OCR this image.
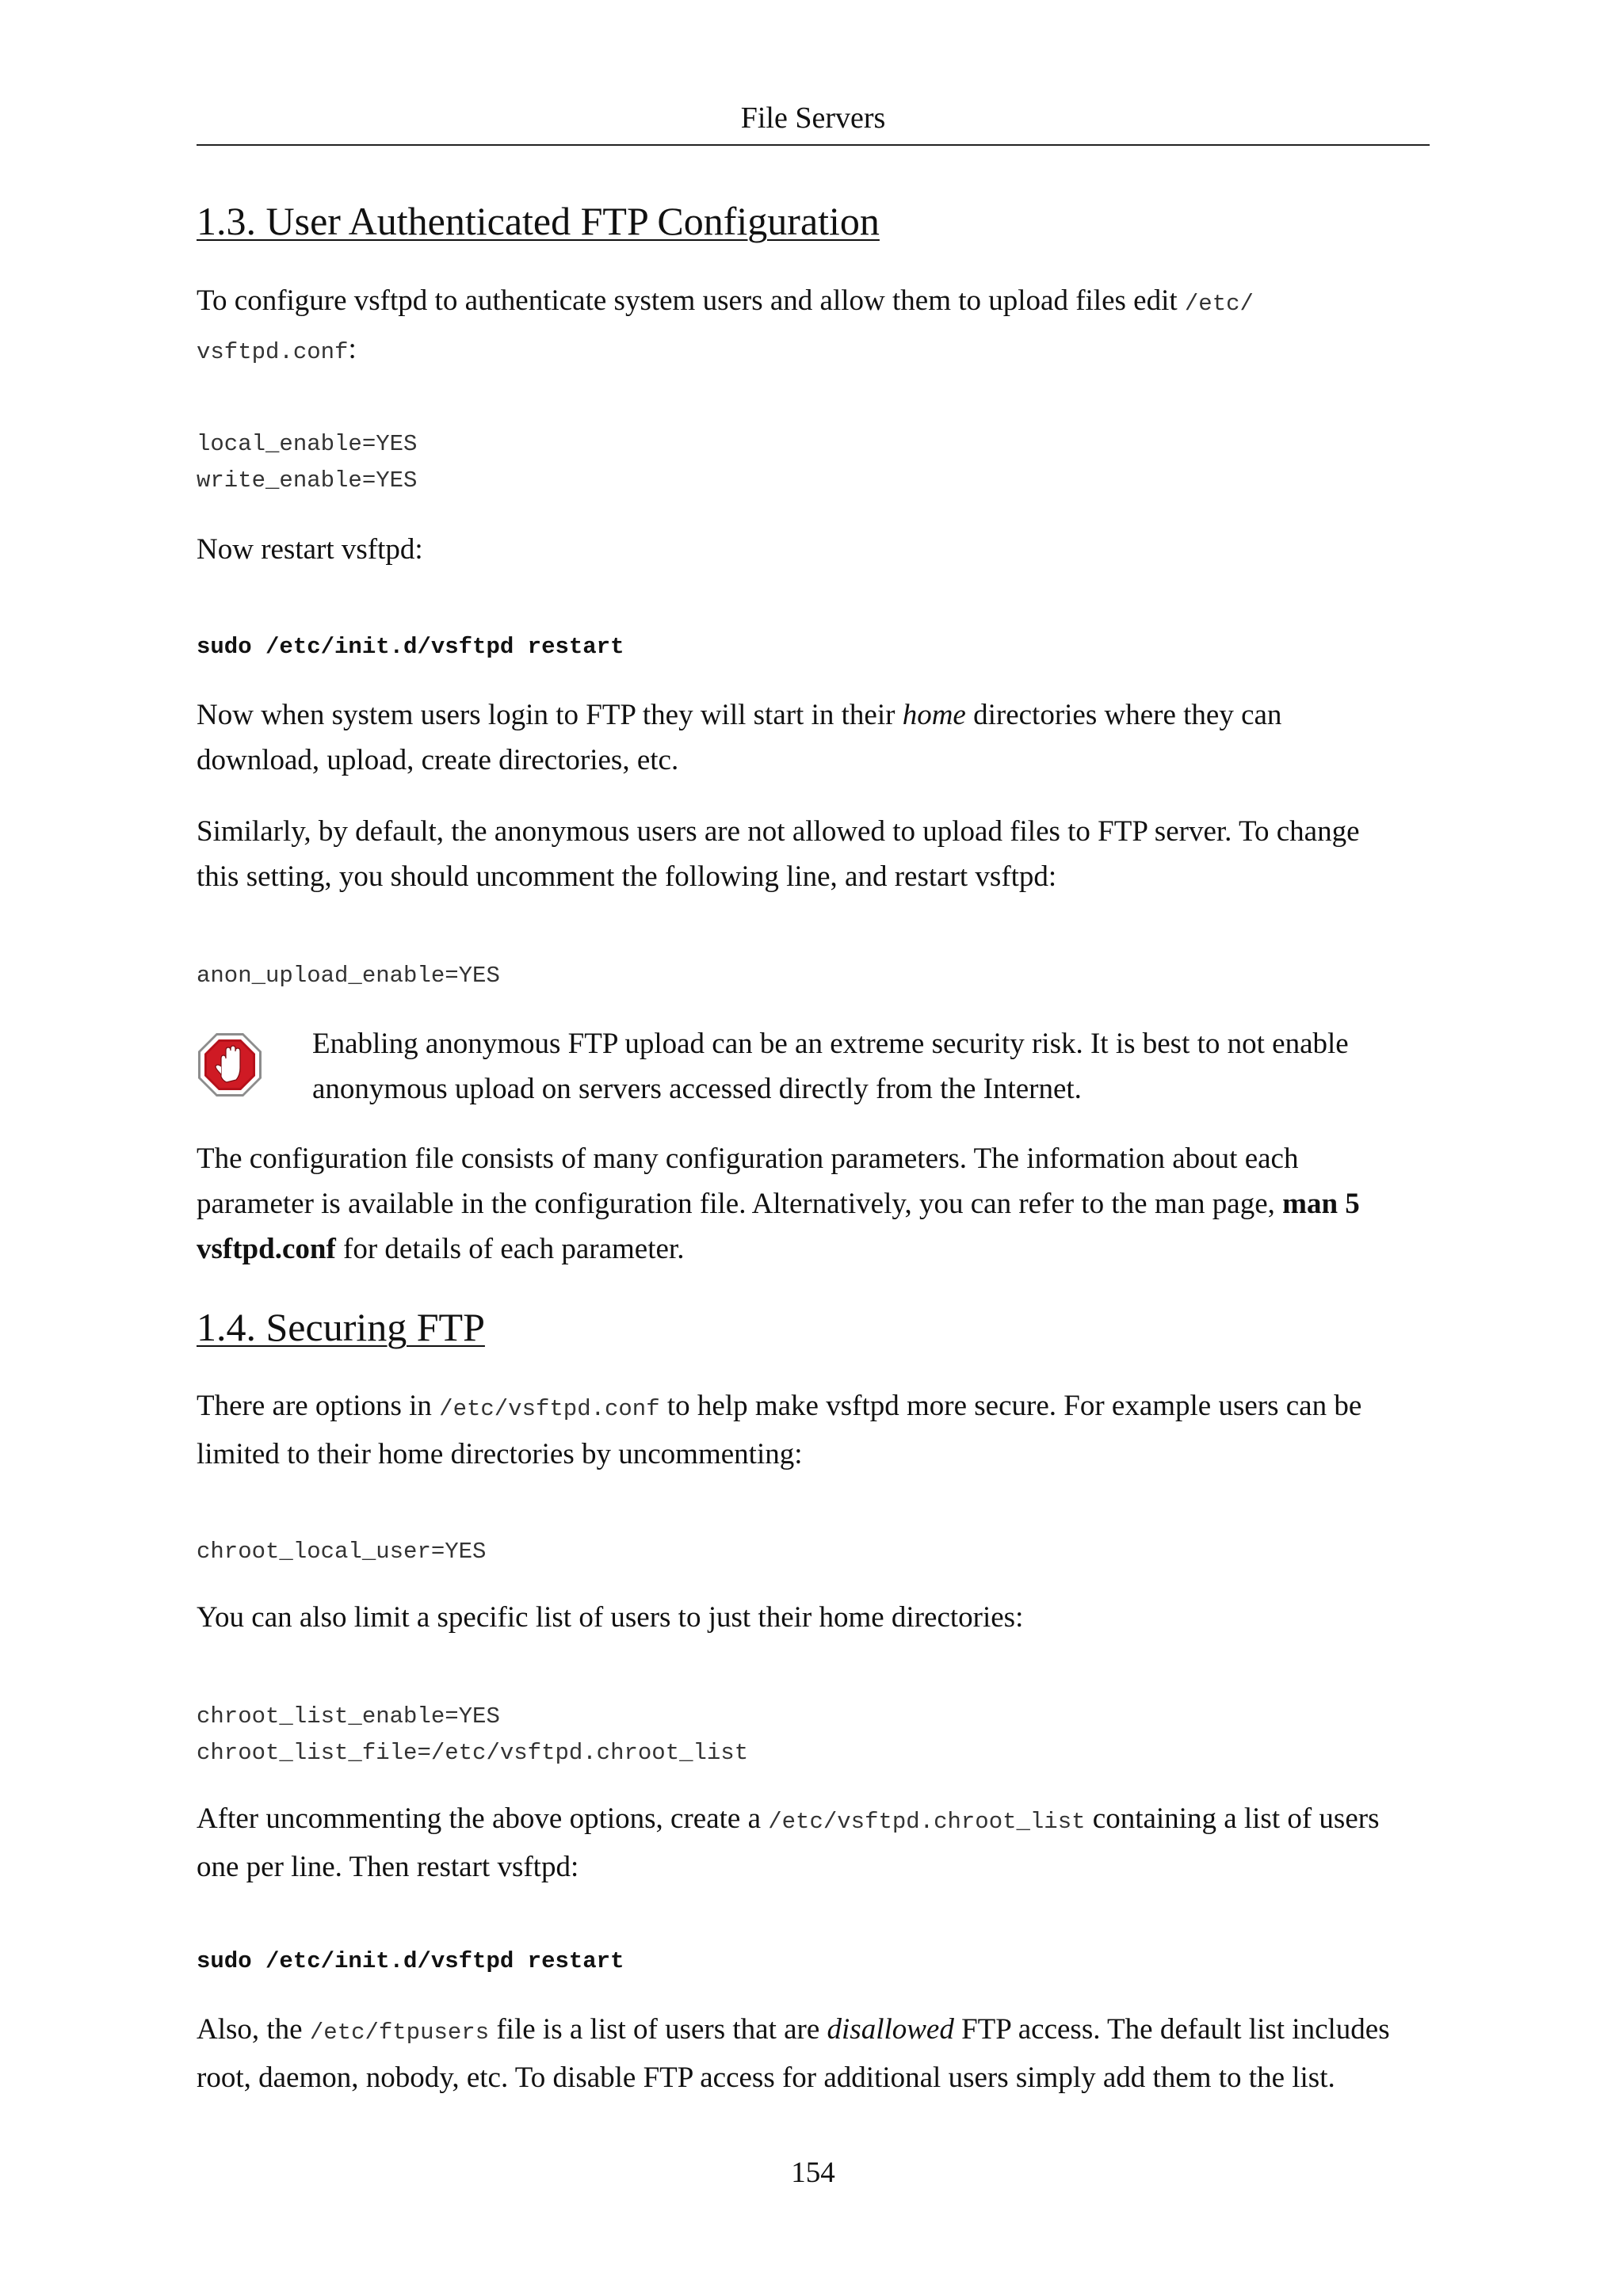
File Servers
1.3. User Authenticated FTP Configuration

To configure vsftpd to authenticate system users and allow them to upload files edit /etc/
vsftpd.conf:

local_enable=YES
write_enable=YES

Now restart vsftpd:

sudo /etc/init.d/vsftpd restart

Now when system users login to FTP they will start in their home directories where they can
download, upload, create directories, etc.

Similarly, by default, the anonymous users are not allowed to upload files to FTP server. To change
this setting, you should uncomment the following line, and restart vsftpd:

anon_upload_enable=YES

Enabling anonymous FTP upload can be an extreme security risk. It is best to not enable
anonymous upload on servers accessed directly from the Internet.

The configuration file consists of many configuration parameters. The information about each
parameter is available in the configuration file. Alternatively, you can refer to the man page, man 5
vsftpd.conf for details of each parameter.

1.4. Securing FTP

There are options in /etc/vsftpd.conf to help make vsftpd more secure. For example users can be
limited to their home directories by uncommenting:

chroot_local_user=YES

You can also limit a specific list of users to just their home directories:

chroot_list_enable=YES
chroot_list_file=/etc/vsftpd.chroot_list

After uncommenting the above options, create a /etc/vsftpd.chroot_list containing a list of users
one per line. Then restart vsftpd:

sudo /etc/init.d/vsftpd restart

Also, the /etc/ftpusers file is a list of users that are disallowed FTP access. The default list includes
root, daemon, nobody, etc. To disable FTP access for additional users simply add them to the list.

154
